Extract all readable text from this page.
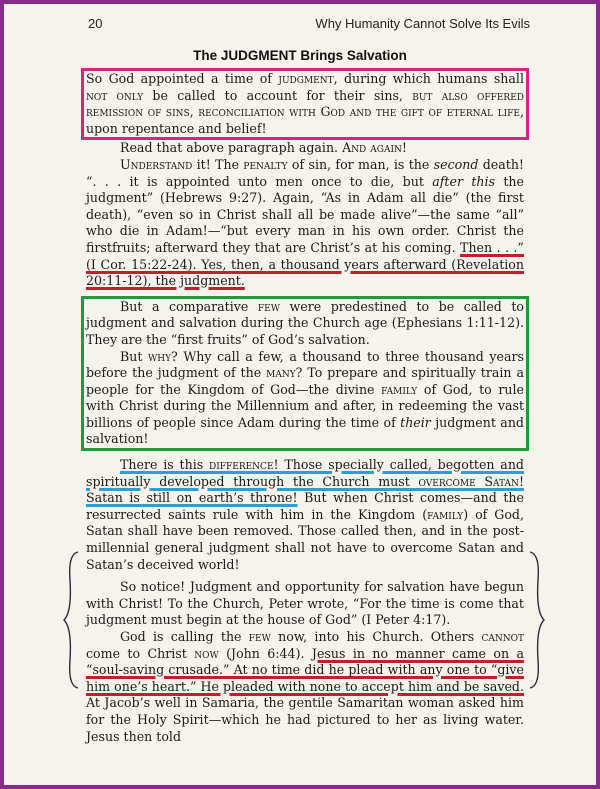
20	Why Humanity Cannot Solve Its Evils
The JUDGMENT Brings Salvation

So God appointed a time of judgment, during which humans shall not only be called to account for their sins, but also offered remission of sins, reconciliation with God and the gift of eternal life, upon repentance and belief!

Read that above paragraph again. And again!

Understand it! The penalty of sin, for man, is the second death! “. . . it is appointed unto men once to die, but after this the judgment” (Hebrews 9:27). Again, “As in Adam all die” (the first death), “even so in Christ shall all be made alive”—the same “all” who die in Adam!—“but every man in his own order. Christ the firstfruits; afterward they that are Christ’s at his coming. Then . . .” (I Cor. 15:22-24). Yes, then, a thousand years afterward (Revelation 20:11-12), the judgment.

But a comparative few were predestined to be called to judgment and salvation during the Church age (Ephesians 1:11-12). They are the “first fruits” of God’s salvation.

But why? Why call a few, a thousand to three thousand years before the judgment of the many? To prepare and spiritually train a people for the Kingdom of God—the divine family of God, to rule with Christ during the Millennium and after, in redeeming the vast billions of people since Adam during the time of their judgment and salvation!

There is this difference! Those specially called, begotten and spiritually developed through the Church must overcome Satan! Satan is still on earth’s throne! But when Christ comes—and the resurrected saints rule with him in the Kingdom (family) of God, Satan shall have been removed. Those called then, and in the post-millennial general judgment shall not have to overcome Satan and Satan’s deceived world!

So notice! Judgment and opportunity for salvation have begun with Christ! To the Church, Peter wrote, “For the time is come that judgment must begin at the house of God” (I Peter 4:17).

God is calling the few now, into his Church. Others cannot come to Christ now (John 6:44). Jesus in no manner came on a “soul-saving crusade.” At no time did he plead with any one to “give him one’s heart.” He pleaded with none to accept him and be saved. At Jacob’s well in Samaria, the gentile Samaritan woman asked him for the Holy Spirit—which he had pictured to her as living water. Jesus then told
